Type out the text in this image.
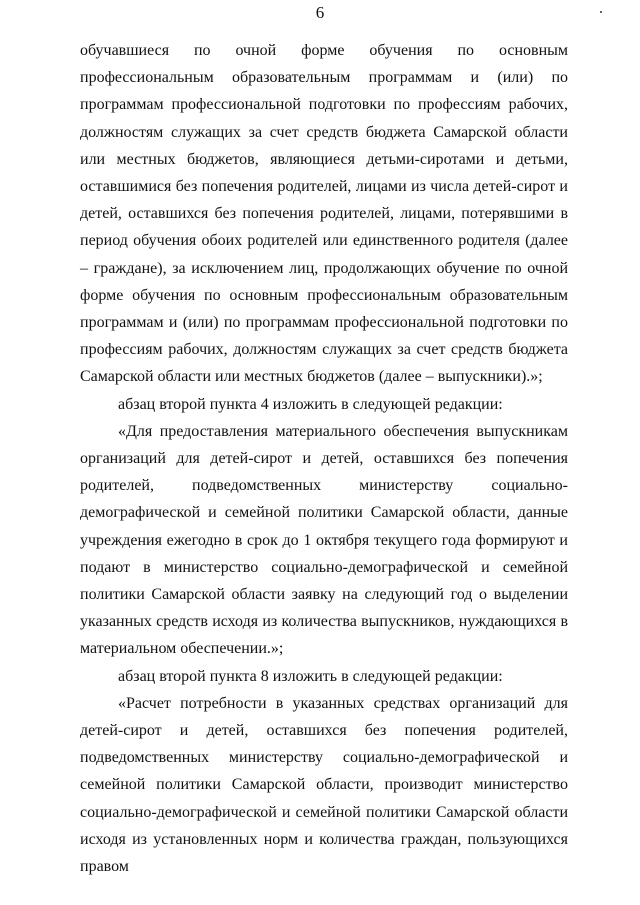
6

обучавшиеся по очной форме обучения по основным профессиональным образовательным программам и (или) по программам профессиональной подготовки по профессиям рабочих, должностям служащих за счет средств бюджета Самарской области или местных бюджетов, являющиеся детьми-сиротами и детьми, оставшимися без попечения родителей, лицами из числа детей-сирот и детей, оставшихся без попечения родителей, лицами, потерявшими в период обучения обоих родителей или единственного родителя (далее – граждане), за исключением лиц, продолжающих обучение по очной форме обучения по основным профессиональным образовательным программам и (или) по программам профессиональной подготовки по профессиям рабочих, должностям служащих за счет средств бюджета Самарской области или местных бюджетов (далее – выпускники).»;

абзац второй пункта 4 изложить в следующей редакции:

«Для предоставления материального обеспечения выпускникам организаций для детей-сирот и детей, оставшихся без попечения родителей, подведомственных министерству социально-демографической и семейной политики Самарской области, данные учреждения ежегодно в срок до 1 октября текущего года формируют и подают в министерство социально-демографической и семейной политики Самарской области заявку на следующий год о выделении указанных средств исходя из количества выпускников, нуждающихся в материальном обеспечении.»;

абзац второй пункта 8 изложить в следующей редакции:

«Расчет потребности в указанных средствах организаций для детей-сирот и детей, оставшихся без попечения родителей, подведомственных министерству социально-демографической и семейной политики Самарской области, производит министерство социально-демографической и семейной политики Самарской области исходя из установленных норм и количества граждан, пользующихся правом
